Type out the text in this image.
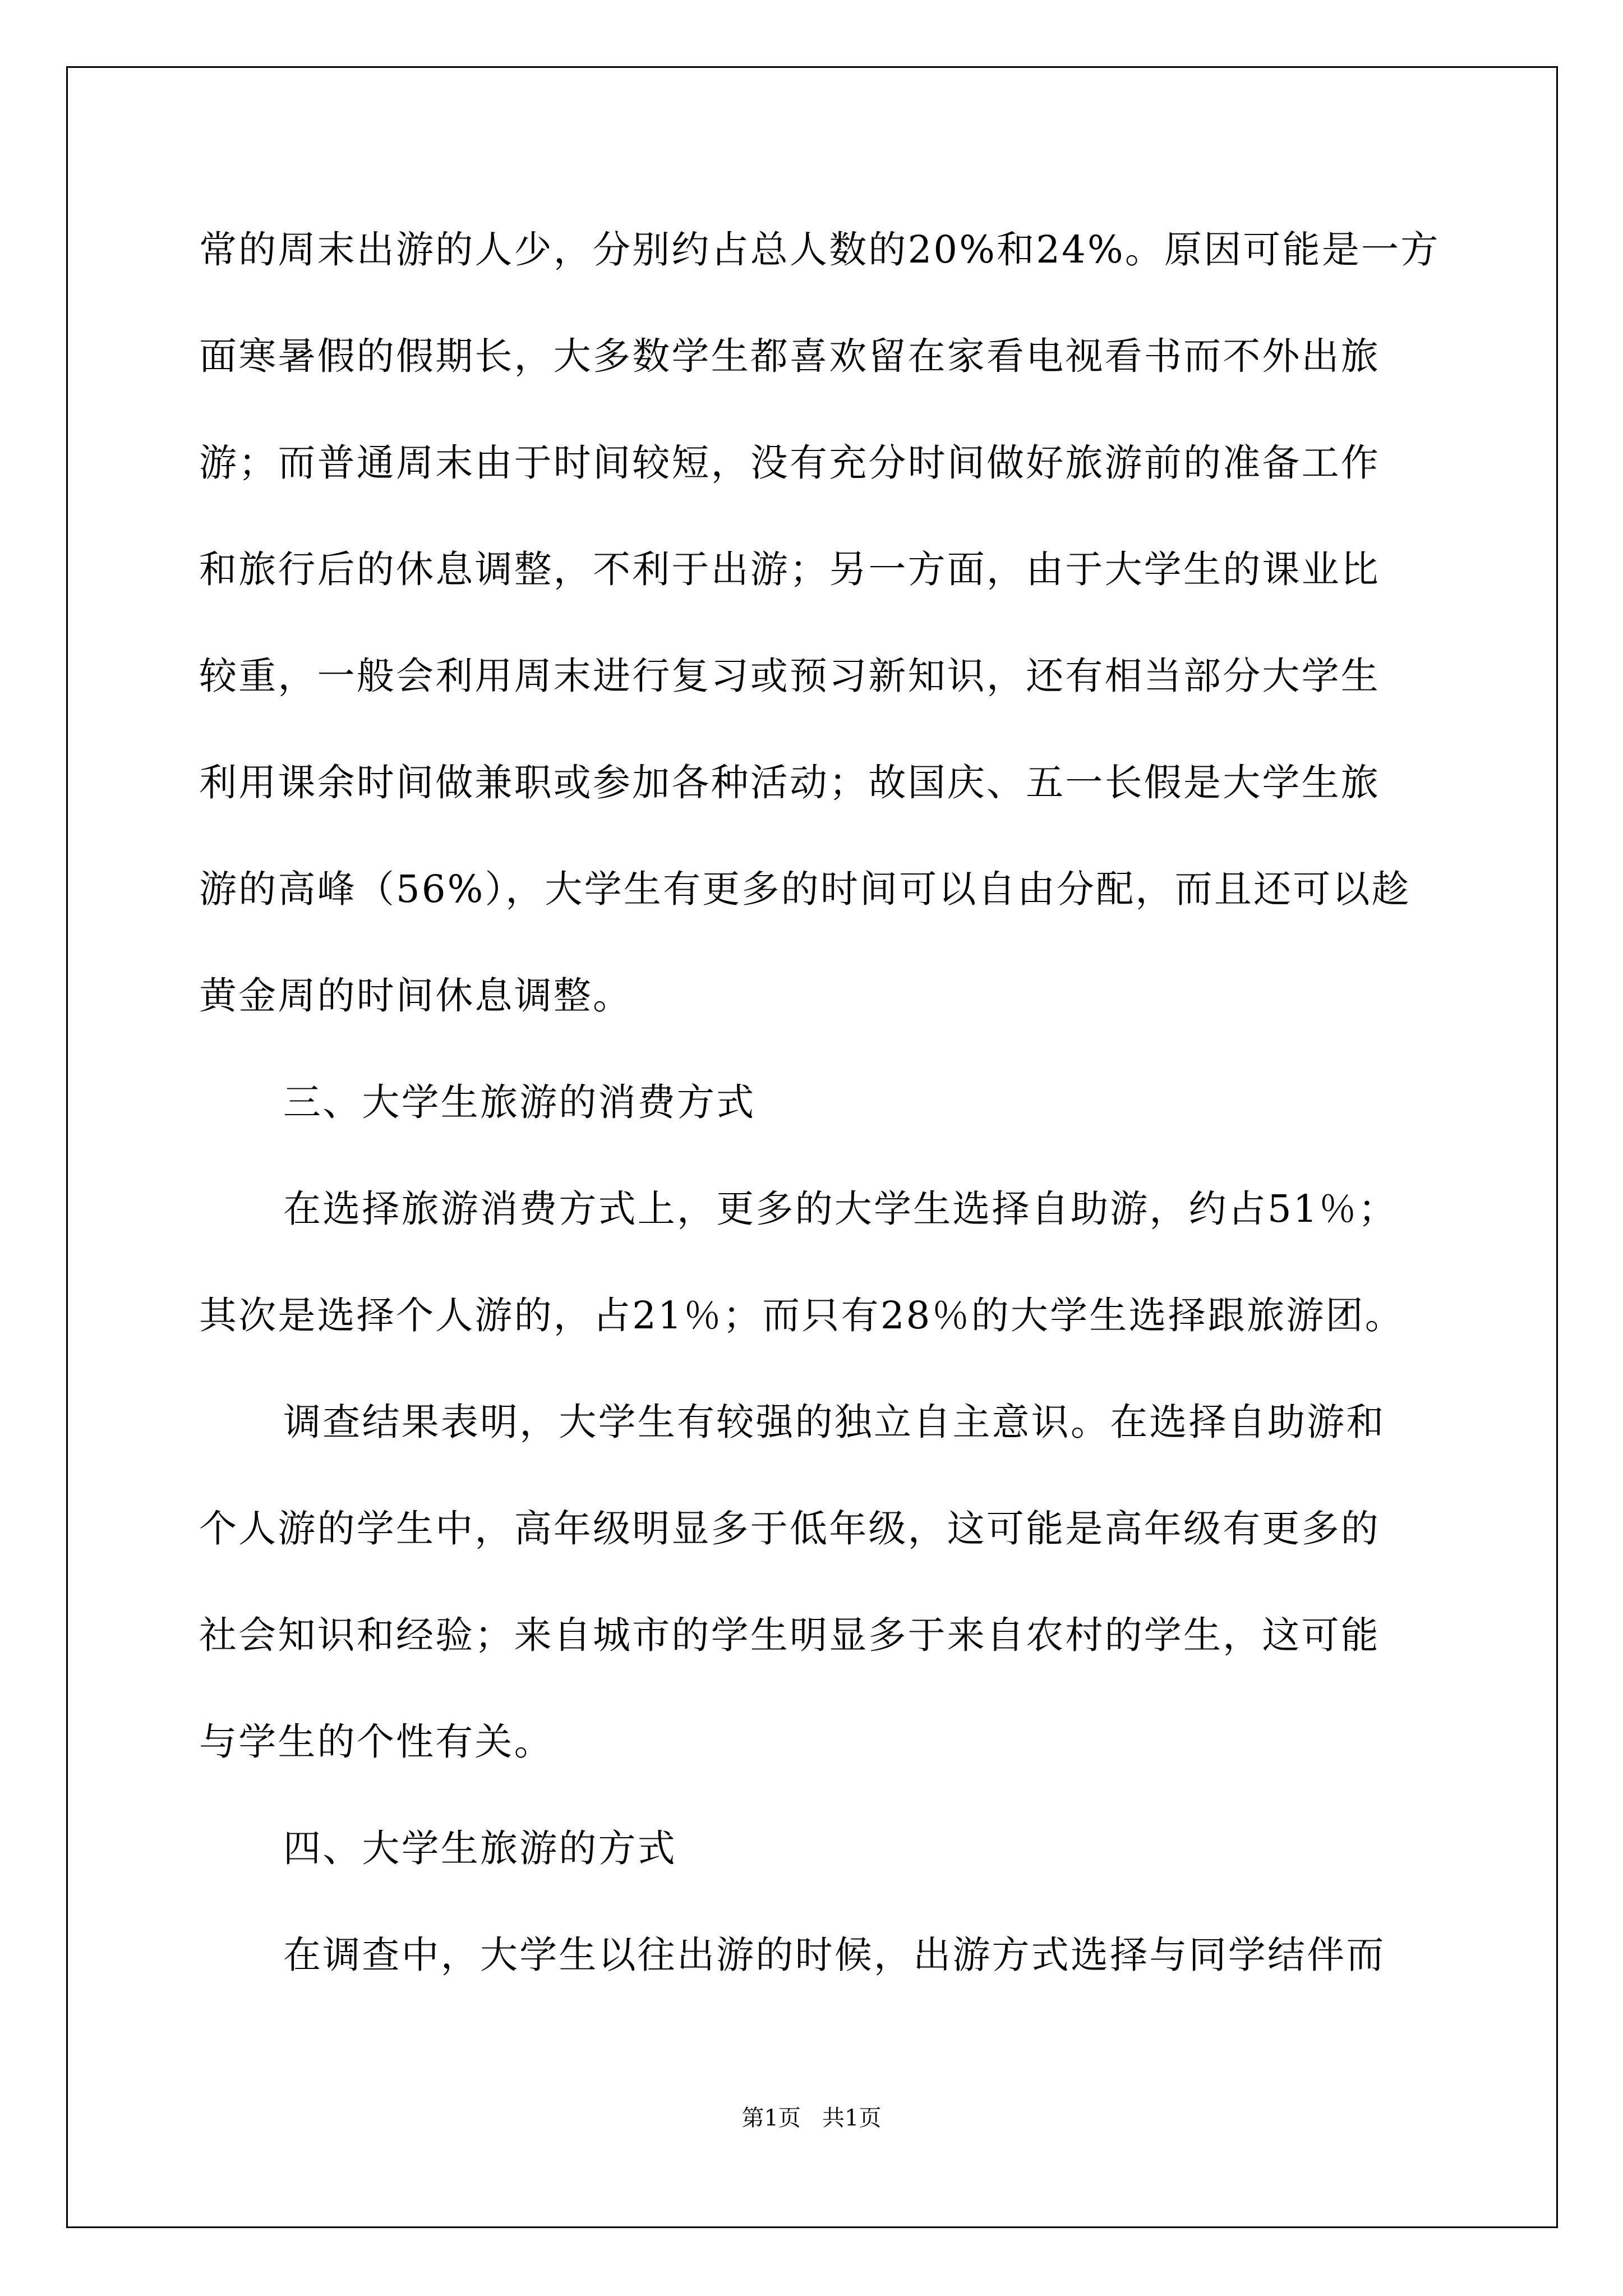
常的周末出游的人少，分别约占总人数的20%和24%。原因可能是一方
面寒暑假的假期长，大多数学生都喜欢留在家看电视看书而不外出旅
游；而普通周末由于时间较短，没有充分时间做好旅游前的准备工作
和旅行后的休息调整，不利于出游；另一方面，由于大学生的课业比
较重，一般会利用周末进行复习或预习新知识，还有相当部分大学生
利用课余时间做兼职或参加各种活动；故国庆、五一长假是大学生旅
游的高峰（56%），大学生有更多的时间可以自由分配，而且还可以趁
黄金周的时间休息调整。
三、大学生旅游的消费方式
在选择旅游消费方式上，更多的大学生选择自助游，约占51％；
其次是选择个人游的，占21％；而只有28％的大学生选择跟旅游团。
调查结果表明，大学生有较强的独立自主意识。在选择自助游和
个人游的学生中，高年级明显多于低年级，这可能是高年级有更多的
社会知识和经验；来自城市的学生明显多于来自农村的学生，这可能
与学生的个性有关。
四、大学生旅游的方式
在调查中，大学生以往出游的时候，出游方式选择与同学结伴而
第1页   共1页
